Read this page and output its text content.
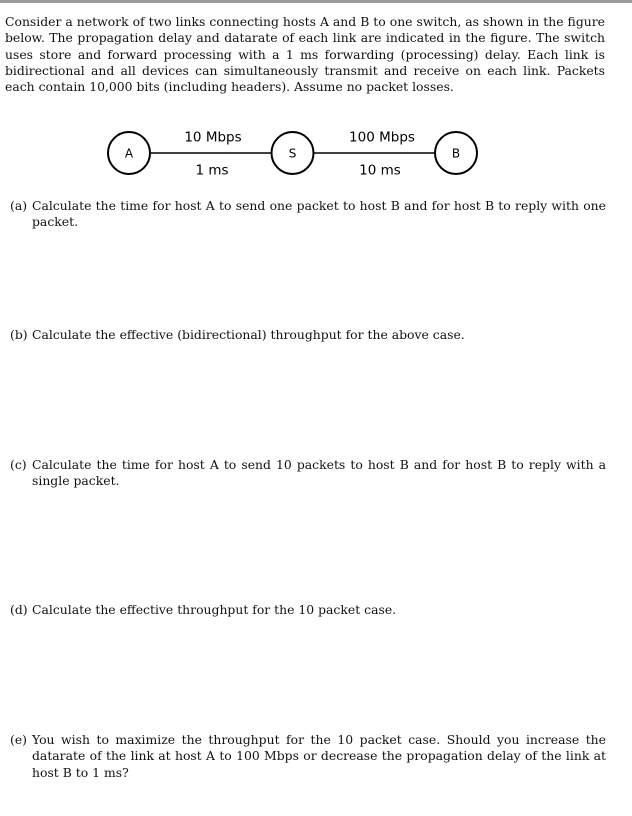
Consider a network of two links connecting hosts A and B to one switch, as shown in the figure below. The propagation delay and datarate of each link are indicated in the figure. The switch uses store and forward processing with a 1 ms forwarding (processing) delay. Each link is bidirectional and all devices can simultaneously transmit and receive on each link. Packets each contain 10,000 bits (including headers). Assume no packet losses.

A	S	B
10 Mbps
1 ms
100 Mbps
10 ms
(a) Calculate the time for host A to send one packet to host B and for host B to reply with one packet.
(b) Calculate the effective (bidirectional) throughput for the above case.
(c) Calculate the time for host A to send 10 packets to host B and for host B to reply with a single packet.
(d) Calculate the effective throughput for the 10 packet case.
(e) You wish to maximize the throughput for the 10 packet case. Should you increase the datarate of the link at host A to 100 Mbps or decrease the propagation delay of the link at host B to 1 ms?
